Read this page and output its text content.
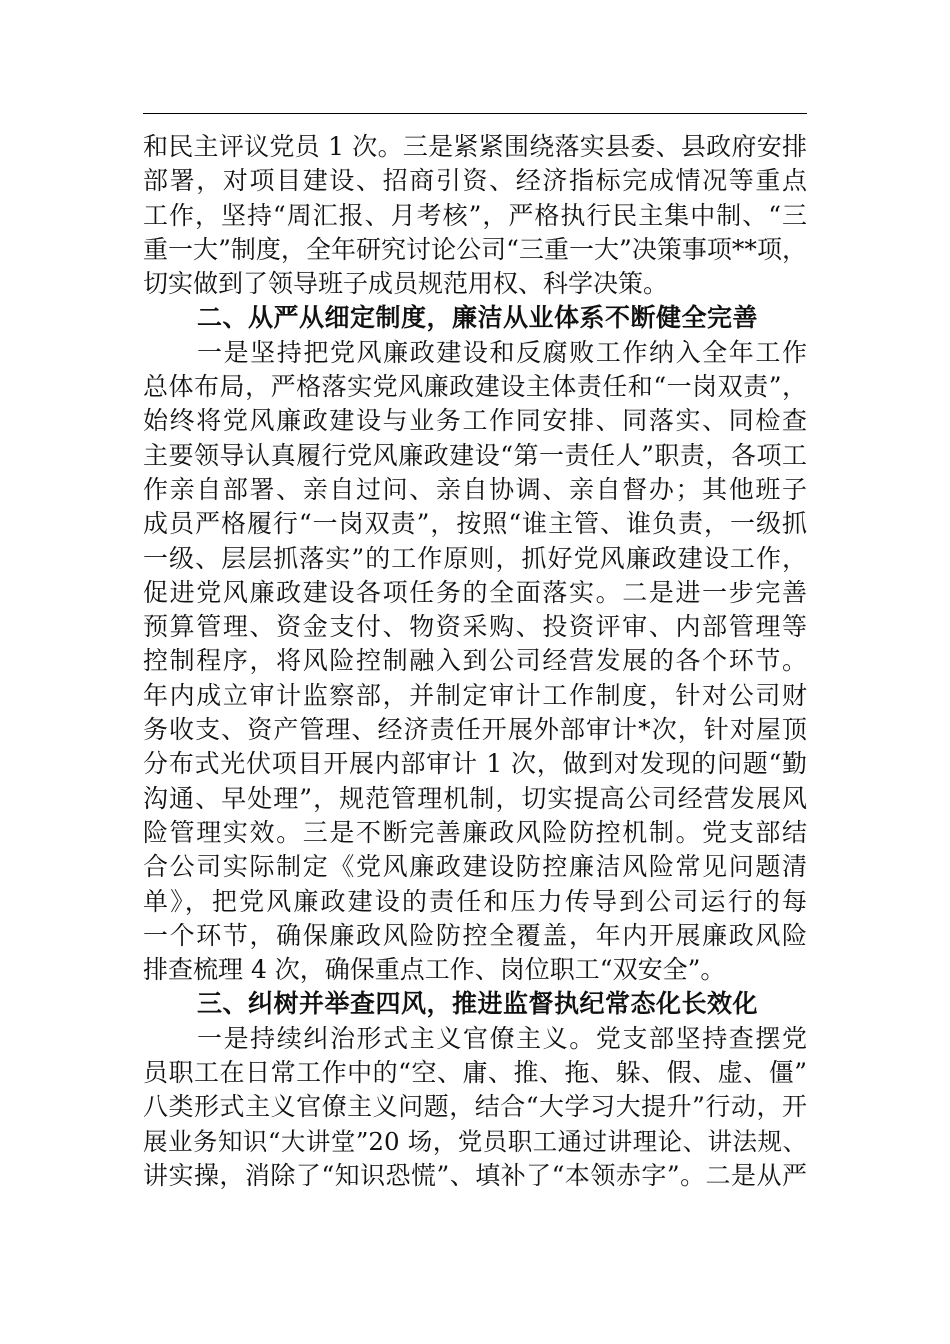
和民主评议党员 1 次。三是紧紧围绕落实县委、县政府安排
部署，对项目建设、招商引资、经济指标完成情况等重点
工作，坚持“周汇报、月考核”，严格执行民主集中制、“三
重一大”制度，全年研究讨论公司“三重一大”决策事项**项，
切实做到了领导班子成员规范用权、科学决策。
二、从严从细定制度，廉洁从业体系不断健全完善
一是坚持把党风廉政建设和反腐败工作纳入全年工作
总体布局，严格落实党风廉政建设主体责任和“一岗双责”，
始终将党风廉政建设与业务工作同安排、同落实、同检查
主要领导认真履行党风廉政建设“第一责任人”职责，各项工
作亲自部署、亲自过问、亲自协调、亲自督办；其他班子
成员严格履行“一岗双责”，按照“谁主管、谁负责，一级抓
一级、层层抓落实”的工作原则，抓好党风廉政建设工作，
促进党风廉政建设各项任务的全面落实。二是进一步完善
预算管理、资金支付、物资采购、投资评审、内部管理等
控制程序，将风险控制融入到公司经营发展的各个环节。
年内成立审计监察部，并制定审计工作制度，针对公司财
务收支、资产管理、经济责任开展外部审计*次，针对屋顶
分布式光伏项目开展内部审计 1 次，做到对发现的问题“勤
沟通、早处理”，规范管理机制，切实提高公司经营发展风
险管理实效。三是不断完善廉政风险防控机制。党支部结
合公司实际制定《党风廉政建设防控廉洁风险常见问题清
单》，把党风廉政建设的责任和压力传导到公司运行的每
一个环节，确保廉政风险防控全覆盖，年内开展廉政风险
排查梳理 4 次，确保重点工作、岗位职工“双安全”。
三、纠树并举查四风，推进监督执纪常态化长效化
一是持续纠治形式主义官僚主义。党支部坚持查摆党
员职工在日常工作中的“空、庸、推、拖、躲、假、虚、僵”
八类形式主义官僚主义问题，结合“大学习大提升”行动，开
展业务知识“大讲堂”20 场，党员职工通过讲理论、讲法规、
讲实操，消除了“知识恐慌”、填补了“本领赤字”。二是从严
